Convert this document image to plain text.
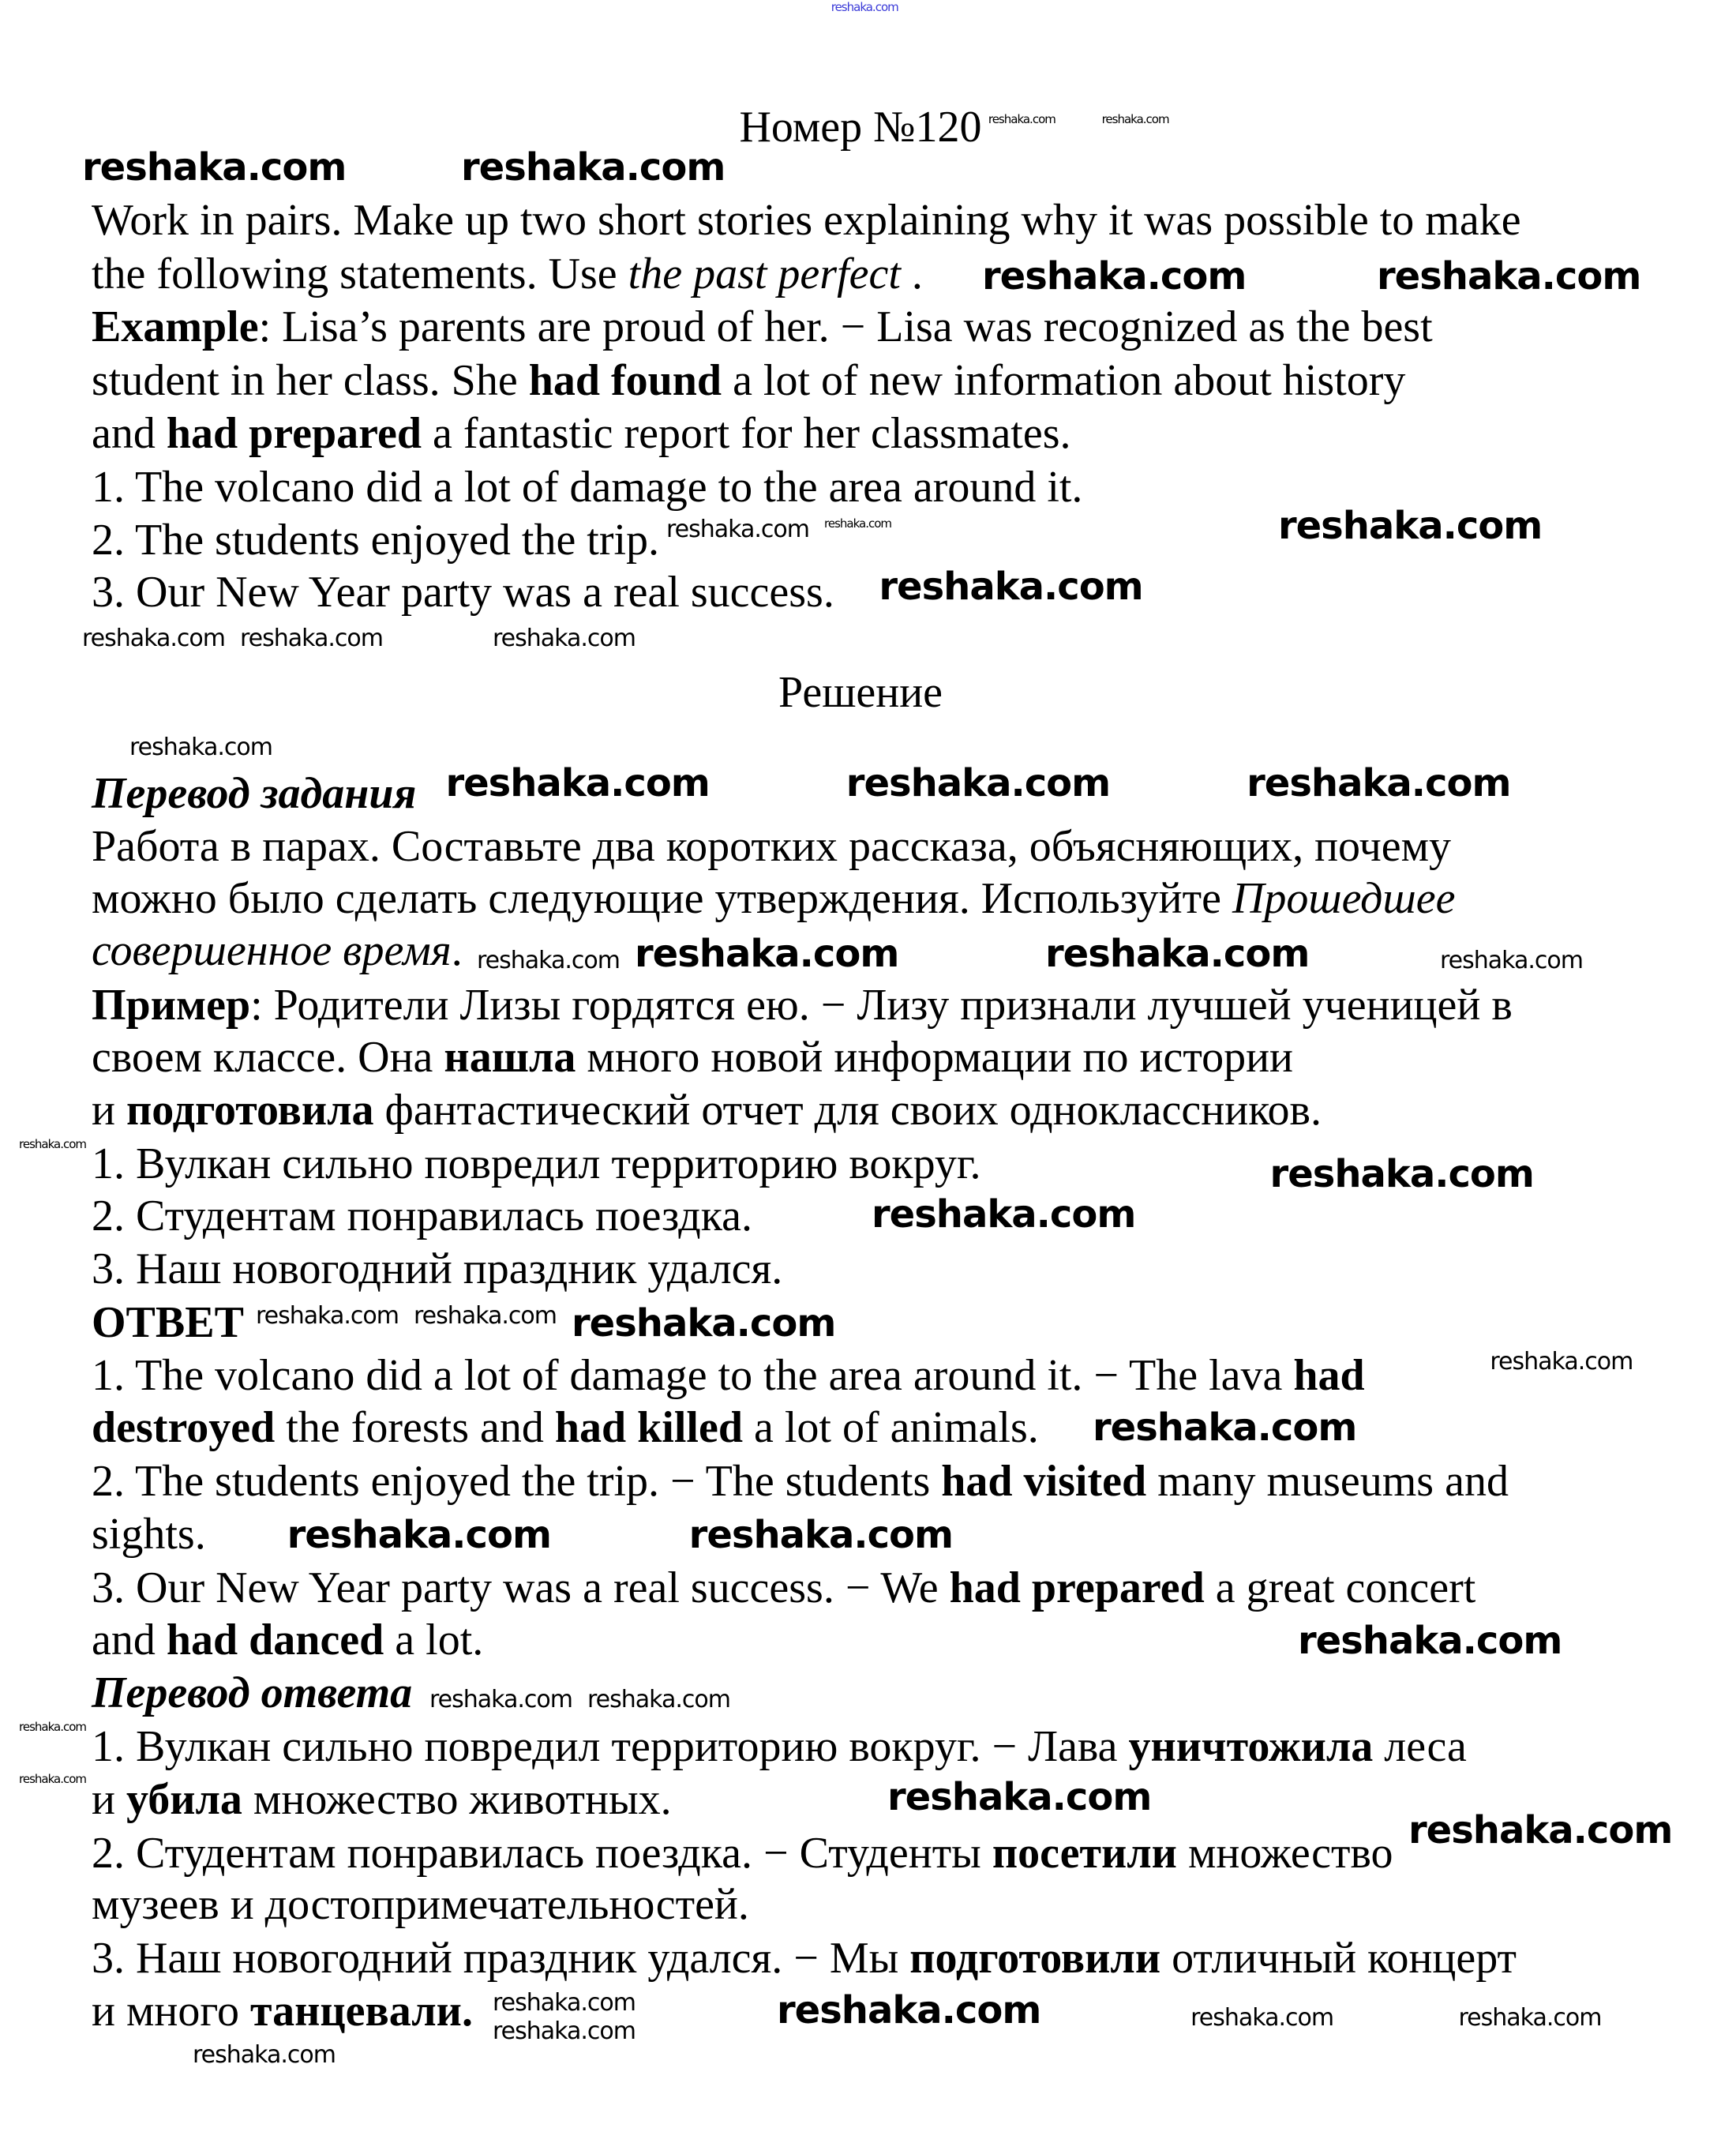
Номер №120
Решение
Work in pairs. Make up two short stories explaining why it was possible to make
the following statements. Use the past perfect .
Example: Lisa’s parents are proud of her. − Lisa was recognized as the best
student in her class. She had found a lot of new information about history
and had prepared a fantastic report for her classmates.
1. The volcano did a lot of damage to the area around it.
2. The students enjoyed the trip.
3. Our New Year party was a real success.
Перевод задания
Работа в парах. Составьте два коротких рассказа, объясняющих, почему
можно было сделать следующие утверждения. Используйте Прошедшее
совершенное время.
Пример: Родители Лизы гордятся ею. − Лизу признали лучшей ученицей в
своем классе. Она нашла много новой информации по истории
и подготовила фантастический отчет для своих одноклассников.
1. Вулкан сильно повредил территорию вокруг.
2. Студентам понравилась поездка.
3. Наш новогодний праздник удался.
ОТВЕТ
1. The volcano did a lot of damage to the area around it. − The lava had
destroyed the forests and had killed a lot of animals.
2. The students enjoyed the trip. − The students had visited many museums and
sights.
3. Our New Year party was a real success. − We had prepared a great concert
and had danced a lot.
Перевод ответа
1. Вулкан сильно повредил территорию вокруг. − Лава уничтожила леса
и убила множество животных.
2. Студентам понравилась поездка. − Студенты посетили множество
музеев и достопримечательностей.
3. Наш новогодний праздник удался. − Мы подготовили отличный концерт
и много танцевали.
reshaka.com
reshaka.com	reshaka.com
reshaka.com	reshaka.com
reshaka.com	reshaka.com
reshaka.com
reshaka.com reshaka.com	reshaka.com
reshaka.com
reshaka.com
reshaka.com
reshaka.com
reshaka.com	reshaka.com	reshaka.com
reshaka.com reshaka.com	reshaka.com	reshaka.com
reshaka.com
reshaka.com
reshaka.com
reshaka.com
reshaka.com reshaka.com
reshaka.com
reshaka.com
reshaka.com	reshaka.com
reshaka.com
reshaka.com
reshaka.com reshaka.com
reshaka.com	reshaka.com
reshaka.com
reshaka.com
reshaka.com
reshaka.com	reshaka.com	reshaka.com	reshaka.com
